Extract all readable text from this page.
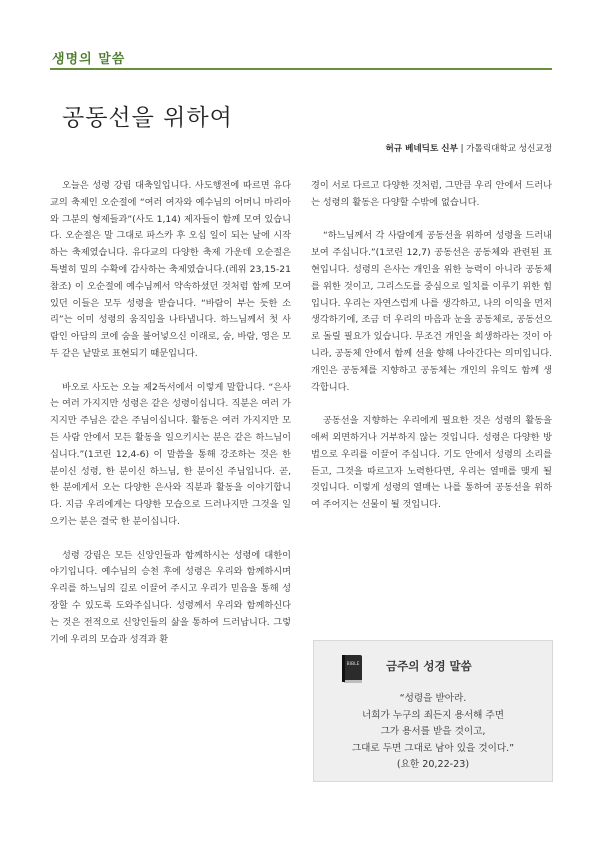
생명의 말씀
공동선을 위하여
허규 베네딕토 신부 | 가톨릭대학교 성신교정

오늘은 성령 강림 대축일입니다. 사도행전에 따르면 유다교의 축제인 오순절에 “여러 여자와 예수님의 어머니 마리아와 그분의 형제들과”(사도 1,14) 제자들이 함께 모여 있습니다. 오순절은 말 그대로 파스카 후 오십 일이 되는 날에 시작하는 축제였습니다. 유다교의 다양한 축제 가운데 오순절은 특별히 밀의 수확에 감사하는 축제였습니다.(레위 23,15-21 참조) 이 오순절에 예수님께서 약속하셨던 것처럼 함께 모여 있던 이들은 모두 성령을 받습니다. “바람이 부는 듯한 소리”는 이미 성령의 움직임을 나타냅니다. 하느님께서 첫 사람인 아담의 코에 숨을 불어넣으신 이래로, 숨, 바람, 영은 모두 같은 낱말로 표현되기 때문입니다.

바오로 사도는 오늘 제2독서에서 이렇게 말합니다. “은사는 여러 가지지만 성령은 같은 성령이십니다. 직분은 여러 가지지만 주님은 같은 주님이십니다. 활동은 여러 가지지만 모든 사람 안에서 모든 활동을 일으키시는 분은 같은 하느님이십니다.”(1코린 12,4-6) 이 말씀을 통해 강조하는 것은 한 분이신 성령, 한 분이신 하느님, 한 분이신 주님입니다. 곧, 한 분에게서 오는 다양한 은사와 직분과 활동을 이야기합니다. 지금 우리에게는 다양한 모습으로 드러나지만 그것을 일으키는 분은 결국 한 분이십니다.

성령 강림은 모든 신앙인들과 함께하시는 성령에 대한이야기입니다. 예수님의 승천 후에 성령은 우리와 함께하시며 우리를 하느님의 길로 이끌어 주시고 우리가 믿음을 통해 성장할 수 있도록 도와주십니다. 성령께서 우리와 함께하신다는 것은 전적으로 신앙인들의 삶을 통하여 드러납니다. 그렇기에 우리의 모습과 성격과 환

경이 서로 다르고 다양한 것처럼, 그만큼 우리 안에서 드러나는 성령의 활동은 다양할 수밖에 없습니다.

“하느님께서 각 사람에게 공동선을 위하여 성령을 드러내 보여 주십니다.”(1코린 12,7) 공동선은 공동체와 관련된 표현입니다. 성령의 은사는 개인을 위한 능력이 아니라 공동체를 위한 것이고, 그리스도를 중심으로 일치를 이루기 위한 힘입니다. 우리는 자연스럽게 나를 생각하고, 나의 이익을 먼저 생각하기에, 조금 더 우리의 마음과 눈을 공동체로, 공동선으로 돌릴 필요가 있습니다. 무조건 개인을 희생하라는 것이 아니라, 공동체 안에서 함께 선을 향해 나아간다는 의미입니다. 개인은 공동체를 지향하고 공동체는 개인의 유익도 함께 생각합니다.

공동선을 지향하는 우리에게 필요한 것은 성령의 활동을 애써 외면하거나 거부하지 않는 것입니다. 성령은 다양한 방법으로 우리를 이끌어 주십니다. 기도 안에서 성령의 소리를 듣고, 그것을 따르고자 노력한다면, 우리는 열매를 맺게 될 것입니다. 이렇게 성령의 열매는 나를 통하여 공동선을 위하여 주어지는 선물이 될 것입니다.

BIBLE 금주의 성경 말씀
“성령을 받아라.
너희가 누구의 죄든지 용서해 주면
그가 용서를 받을 것이고,
그대로 두면 그대로 남아 있을 것이다.”
(요한 20,22-23)
